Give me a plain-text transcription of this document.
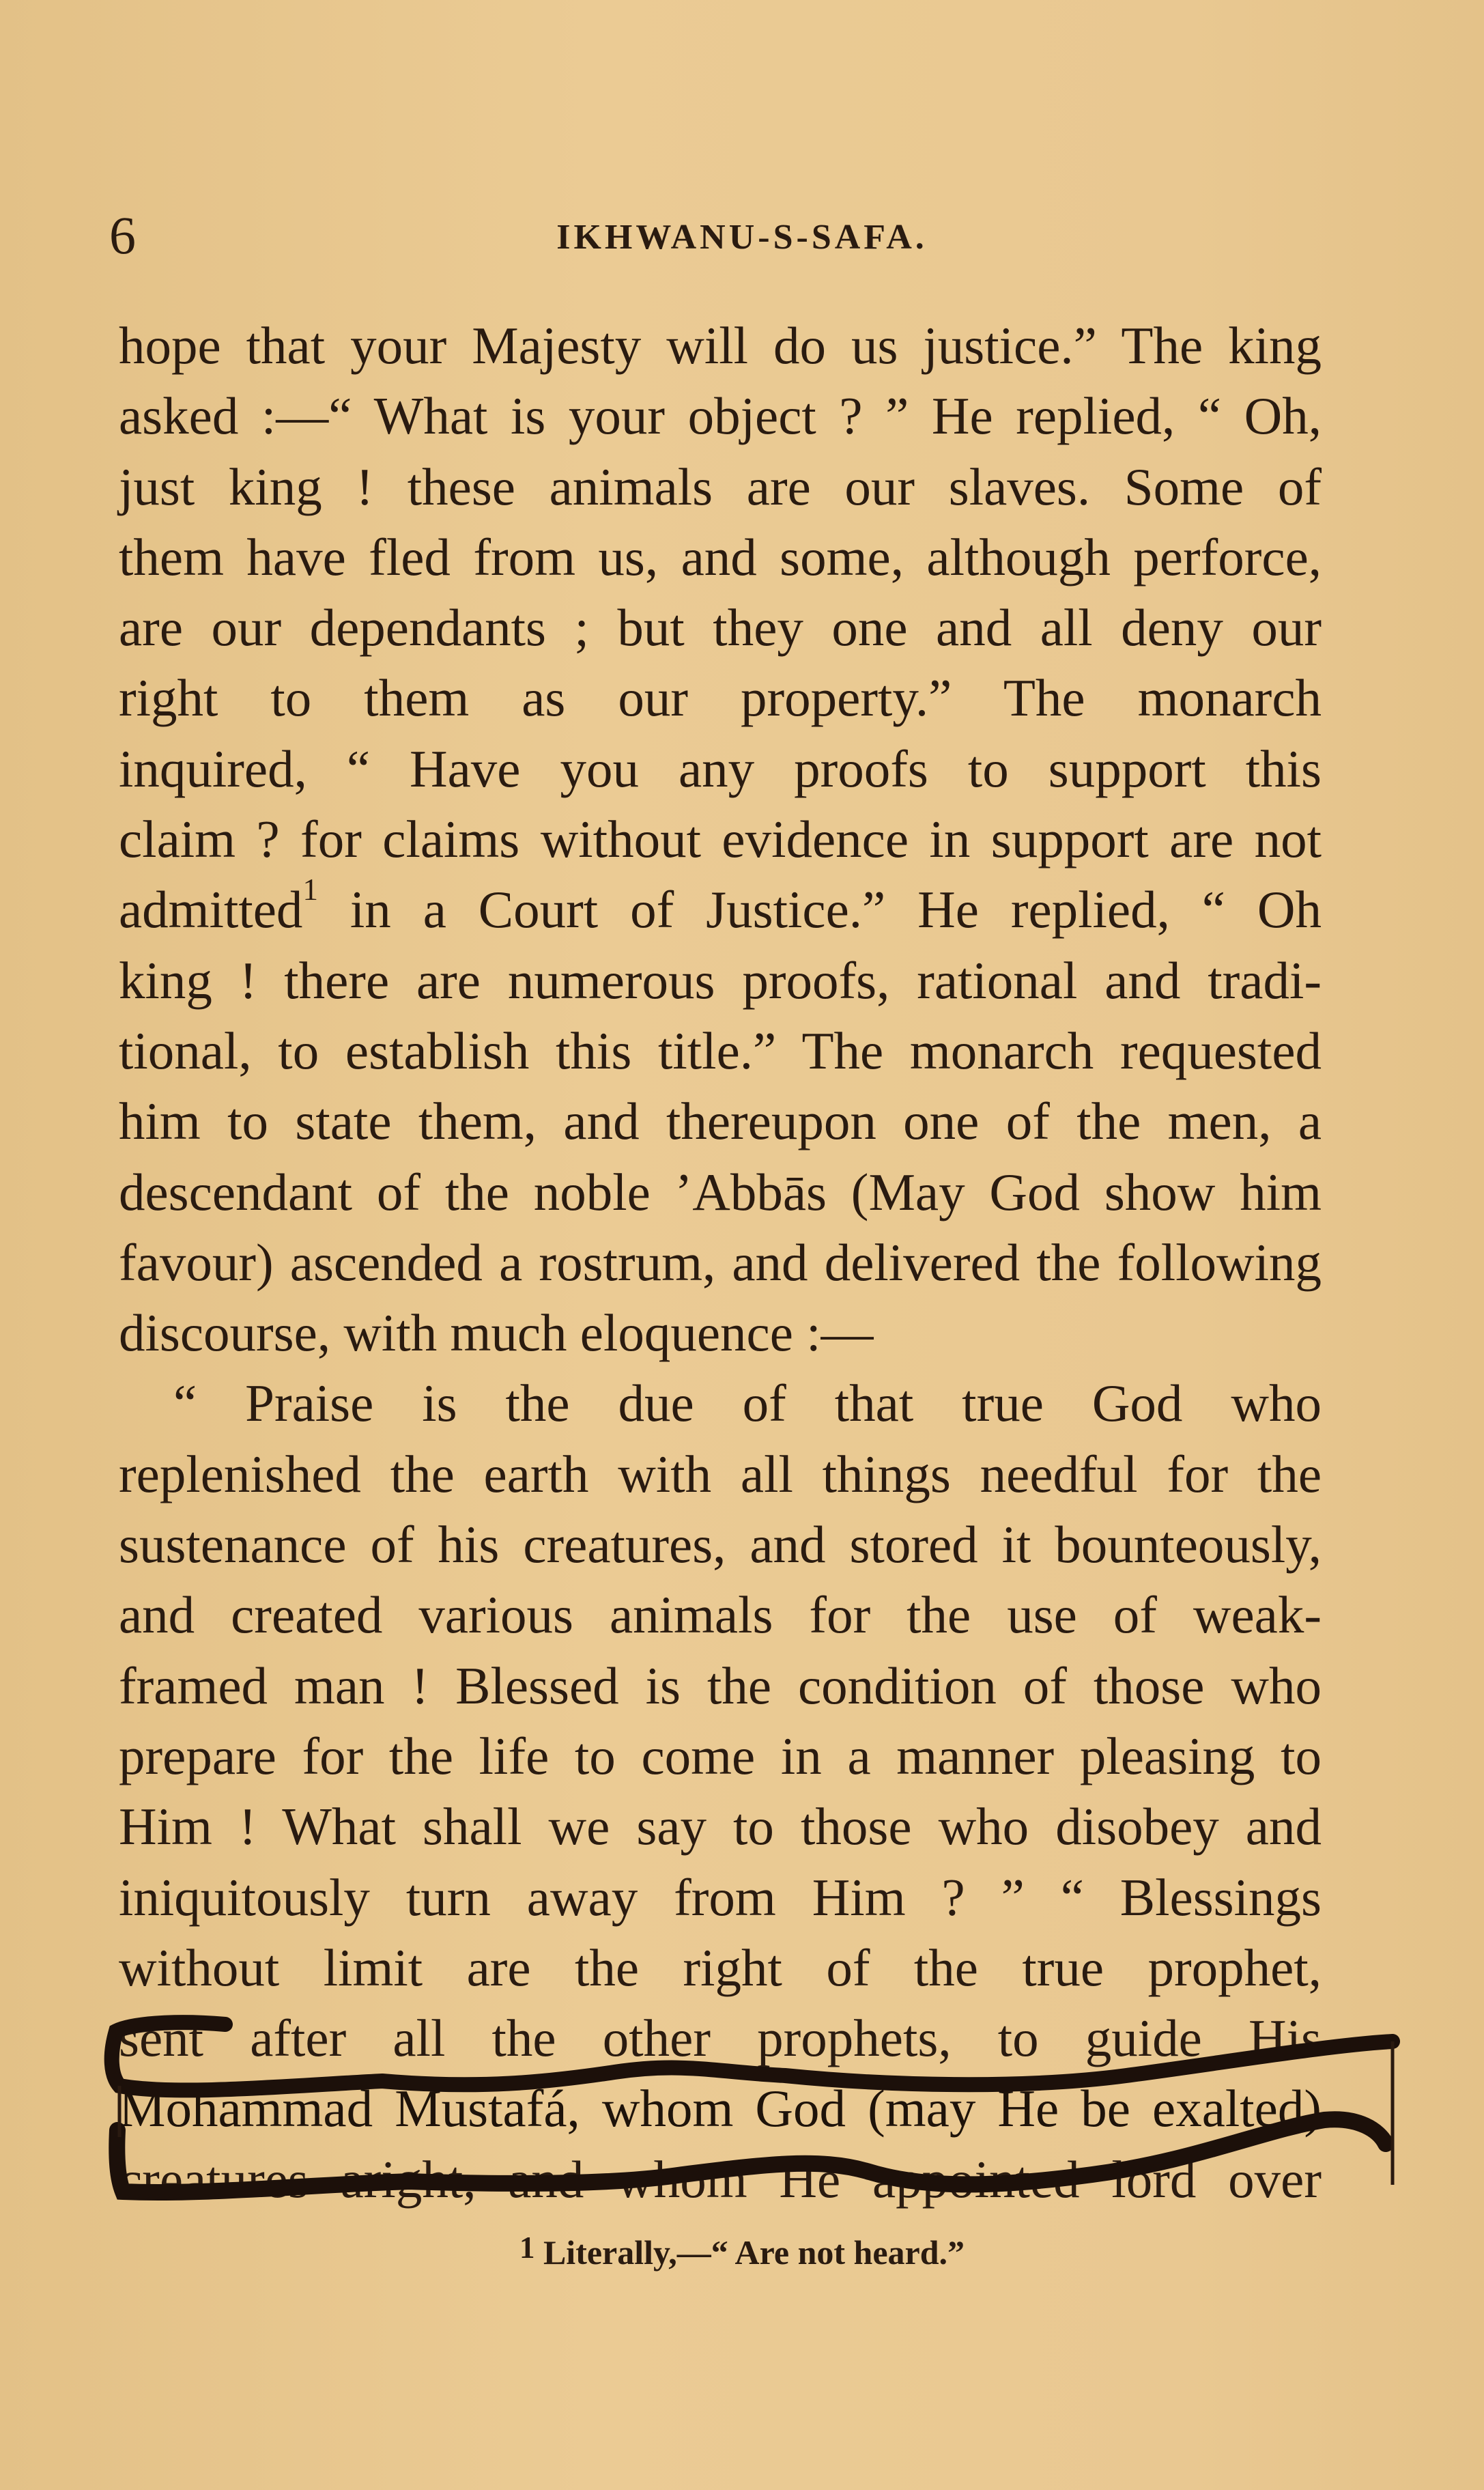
6	IKHWANU-S-SAFA.
hope that your Majesty will do us justice.” The king
asked :—“ What is your object ? ” He replied, “ Oh,
just king ! these animals are our slaves. Some of
them have fled from us, and some, although perforce,
are our dependants ; but they one and all deny our
right to them as our property.” The monarch
inquired, “ Have you any proofs to support this
claim ? for claims without evidence in support are not
admitted$^1$ in a Court of Justice.” He replied, “ Oh
king ! there are numerous proofs, rational and tradi-
tional, to establish this title.” The monarch requested
him to state them, and thereupon one of the men, a
descendant of the noble ’Abbās (May God show him
favour) ascended a rostrum, and delivered the following
discourse, with much eloquence :—
“ Praise is the due of that true God who
replenished the earth with all things needful for the
sustenance of his creatures, and stored it bounteously,
and created various animals for the use of weak-
framed man ! Blessed is the condition of those who
prepare for the life to come in a manner pleasing to
Him ! What shall we say to those who disobey and
iniquitously turn away from Him ? ” “ Blessings
without limit are the right of the true prophet,
sent after all the other prophets, to guide His
Mohammad Mustafá, whom God (may He be exalted)
creatures aright, and whom He appointed lord over
$^1$ Literally,—“ Are not heard.”
